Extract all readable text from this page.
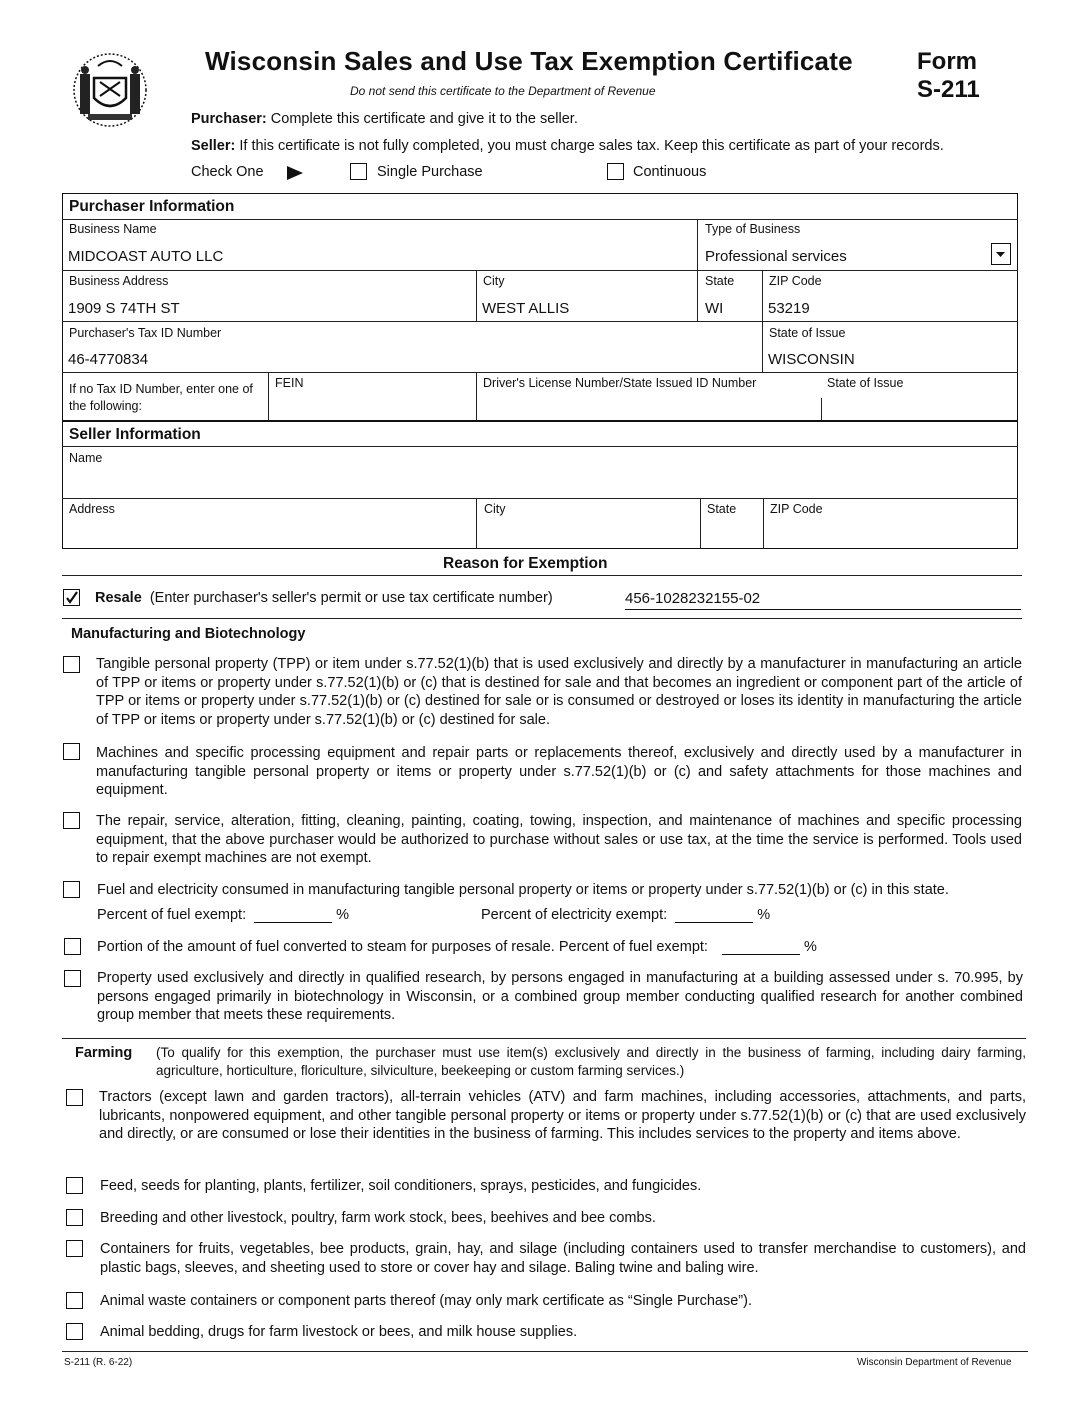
Wisconsin Sales and Use Tax Exemption Certificate
Do not send this certificate to the Department of Revenue
Form
S-211
Purchaser: Complete this certificate and give it to the seller.
Seller: If this certificate is not fully completed, you must charge sales tax. Keep this certificate as part of your records.
Check One	Single Purchase	Continuous
Purchaser Information
Business Name
MIDCOAST AUTO LLC
Type of Business
Professional services
Business Address
1909 S 74TH ST
City
WEST ALLIS
State
WI
ZIP Code
53219
Purchaser's Tax ID Number
46-4770834
State of Issue
WISCONSIN
If no Tax ID Number, enter one of the following:
FEIN	Driver's License Number/State Issued ID Number	State of Issue
Seller Information
Name
Address	City	State	ZIP Code
Reason for Exemption
Resale (Enter purchaser's seller's permit or use tax certificate number)	456-1028232155-02
Manufacturing and Biotechnology
Tangible personal property (TPP) or item under s.77.52(1)(b) that is used exclusively and directly by a manufacturer in manufacturing an article of TPP or items or property under s.77.52(1)(b) or (c) that is destined for sale and that becomes an ingredient or component part of the article of TPP or items or property under s.77.52(1)(b) or (c) destined for sale or is consumed or destroyed or loses its identity in manufacturing the article of TPP or items or property under s.77.52(1)(b) or (c) destined for sale.
Machines and specific processing equipment and repair parts or replacements thereof, exclusively and directly used by a manufacturer in manufacturing tangible personal property or items or property under s.77.52(1)(b) or (c) and safety attachments for those machines and equipment.
The repair, service, alteration, fitting, cleaning, painting, coating, towing, inspection, and maintenance of machines and specific processing equipment, that the above purchaser would be authorized to purchase without sales or use tax, at the time the service is performed. Tools used to repair exempt machines are not exempt.
Fuel and electricity consumed in manufacturing tangible personal property or items or property under s.77.52(1)(b) or (c) in this state.
Percent of fuel exempt:	%	Percent of electricity exempt:	%
Portion of the amount of fuel converted to steam for purposes of resale. Percent of fuel exempt:	%
Property used exclusively and directly in qualified research, by persons engaged in manufacturing at a building assessed under s. 70.995, by persons engaged primarily in biotechnology in Wisconsin, or a combined group member conducting qualified research for another combined group member that meets these requirements.
Farming (To qualify for this exemption, the purchaser must use item(s) exclusively and directly in the business of farming, including dairy farming, agriculture, horticulture, floriculture, silviculture, beekeeping or custom farming services.)
Tractors (except lawn and garden tractors), all-terrain vehicles (ATV) and farm machines, including accessories, attachments, and parts, lubricants, nonpowered equipment, and other tangible personal property or items or property under s.77.52(1)(b) or (c) that are used exclusively and directly, or are consumed or lose their identities in the business of farming. This includes services to the property and items above.
Feed, seeds for planting, plants, fertilizer, soil conditioners, sprays, pesticides, and fungicides.
Breeding and other livestock, poultry, farm work stock, bees, beehives and bee combs.
Containers for fruits, vegetables, bee products, grain, hay, and silage (including containers used to transfer merchandise to customers), and plastic bags, sleeves, and sheeting used to store or cover hay and silage. Baling twine and baling wire.
Animal waste containers or component parts thereof (may only mark certificate as “Single Purchase”).
Animal bedding, drugs for farm livestock or bees, and milk house supplies.
S-211 (R. 6-22)	Wisconsin Department of Revenue
